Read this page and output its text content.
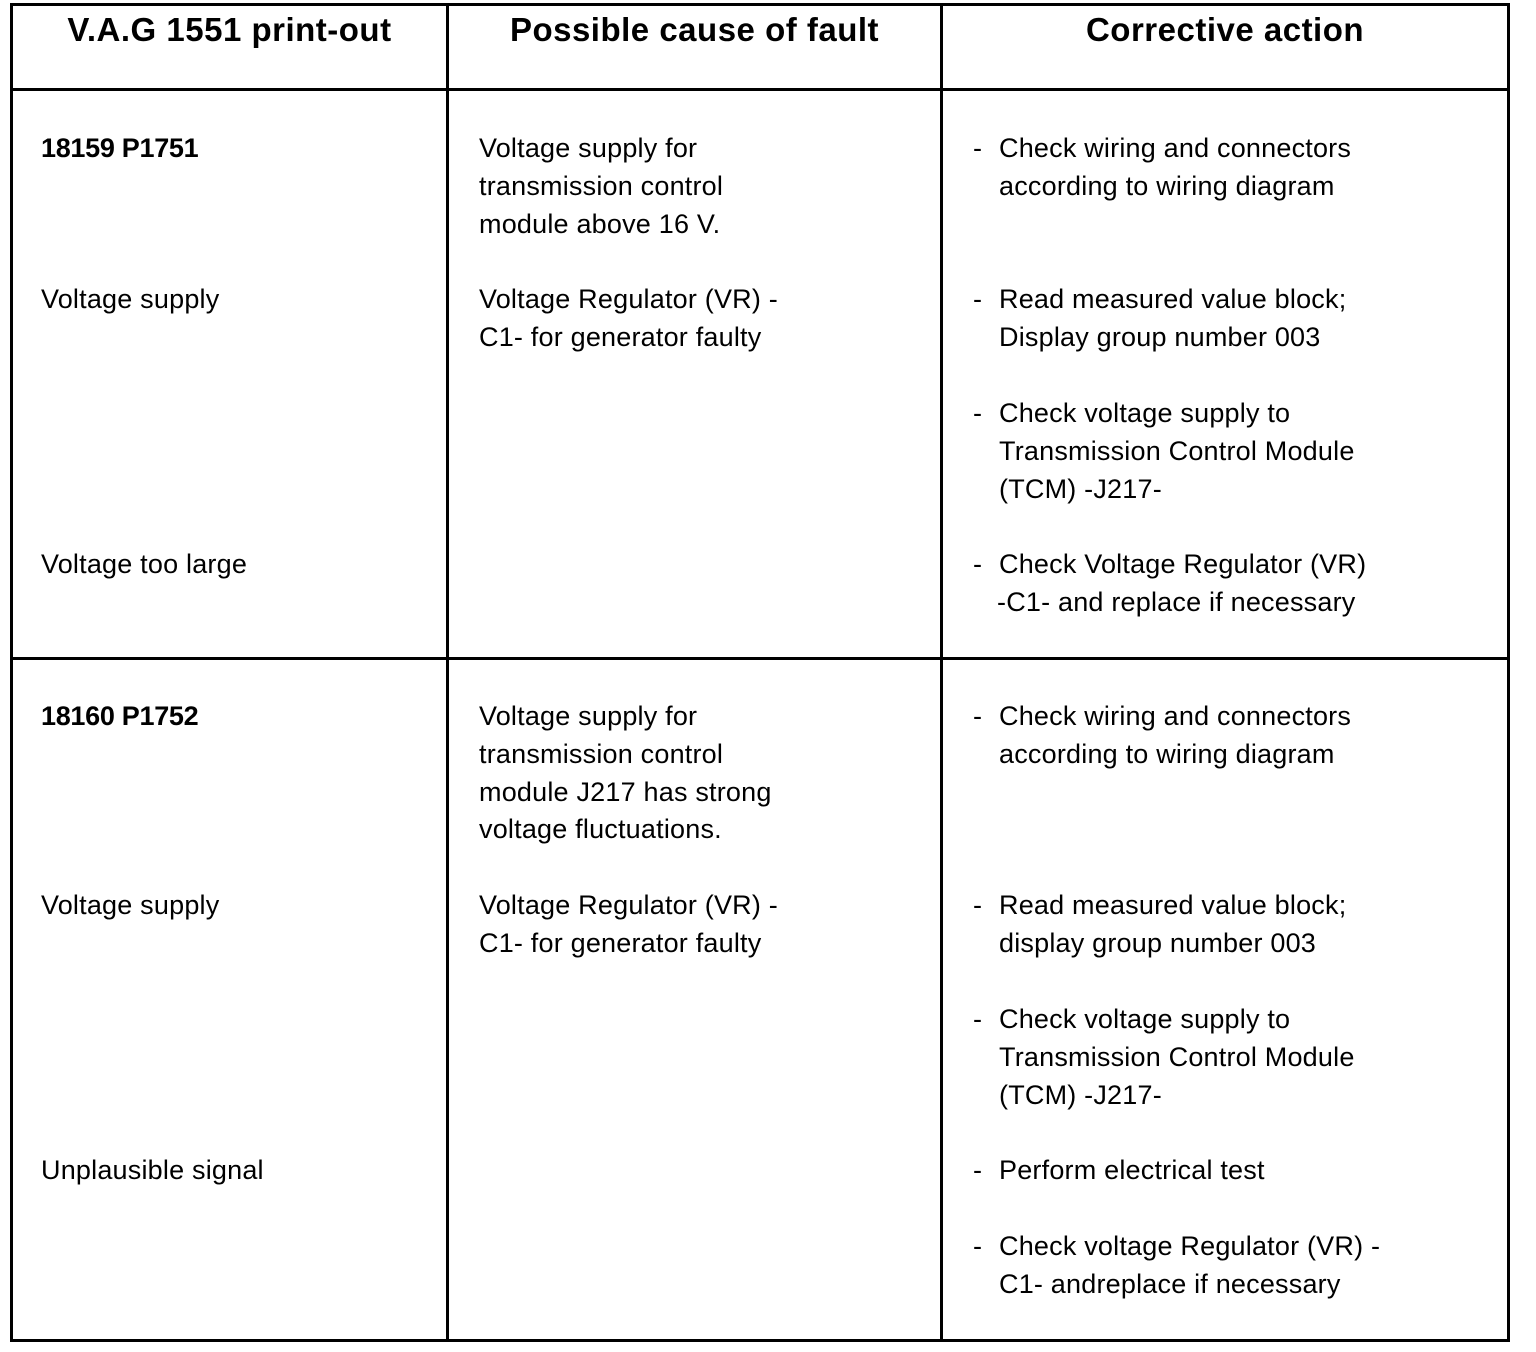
V.A.G 1551 print-out	Possible cause of fault	Corrective action
18159 P1751
Voltage supply
Voltage too large
Voltage supply for
transmission control
module above 16 V.
Voltage Regulator (VR) -
C1- for generator faulty
- Check wiring and connectors
according to wiring diagram
- Read measured value block;
Display group number 003
- Check voltage supply to
Transmission Control Module
(TCM) -J217-
- Check Voltage Regulator (VR)
-C1- and replace if necessary
18160 P1752
Voltage supply
Unplausible signal
Voltage supply for
transmission control
module J217 has strong
voltage fluctuations.
Voltage Regulator (VR) -
C1- for generator faulty
- Check wiring and connectors
according to wiring diagram
- Read measured value block;
display group number 003
- Check voltage supply to
Transmission Control Module
(TCM) -J217-
- Perform electrical test
- Check voltage Regulator (VR) -
C1- andreplace if necessary
